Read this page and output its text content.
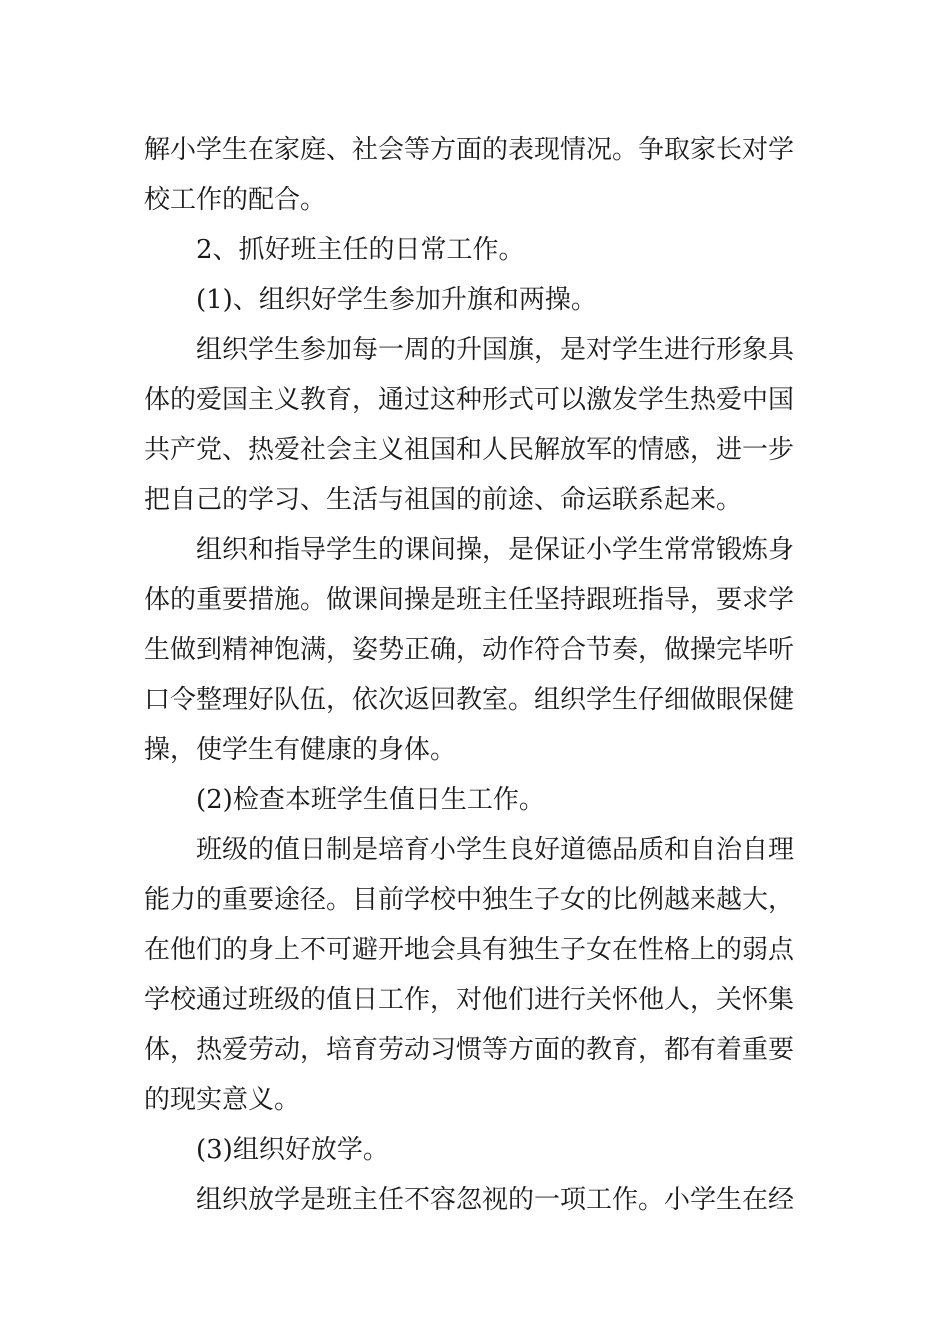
解小学生在家庭、社会等方面的表现情况。争取家长对学
校工作的配合。
2、抓好班主任的日常工作。
(1)、组织好学生参加升旗和两操。
组织学生参加每一周的升国旗，是对学生进行形象具
体的爱国主义教育，通过这种形式可以激发学生热爱中国
共产党、热爱社会主义祖国和人民解放军的情感，进一步
把自己的学习、生活与祖国的前途、命运联系起来。
组织和指导学生的课间操，是保证小学生常常锻炼身
体的重要措施。做课间操是班主任坚持跟班指导，要求学
生做到精神饱满，姿势正确，动作符合节奏，做操完毕听
口令整理好队伍，依次返回教室。组织学生仔细做眼保健
操，使学生有健康的身体。
(2)检查本班学生值日生工作。
班级的值日制是培育小学生良好道德品质和自治自理
能力的重要途径。目前学校中独生子女的比例越来越大，
在他们的身上不可避开地会具有独生子女在性格上的弱点
学校通过班级的值日工作，对他们进行关怀他人，关怀集
体，热爱劳动，培育劳动习惯等方面的教育，都有着重要
的现实意义。
(3)组织好放学。
组织放学是班主任不容忽视的一项工作。小学生在经
